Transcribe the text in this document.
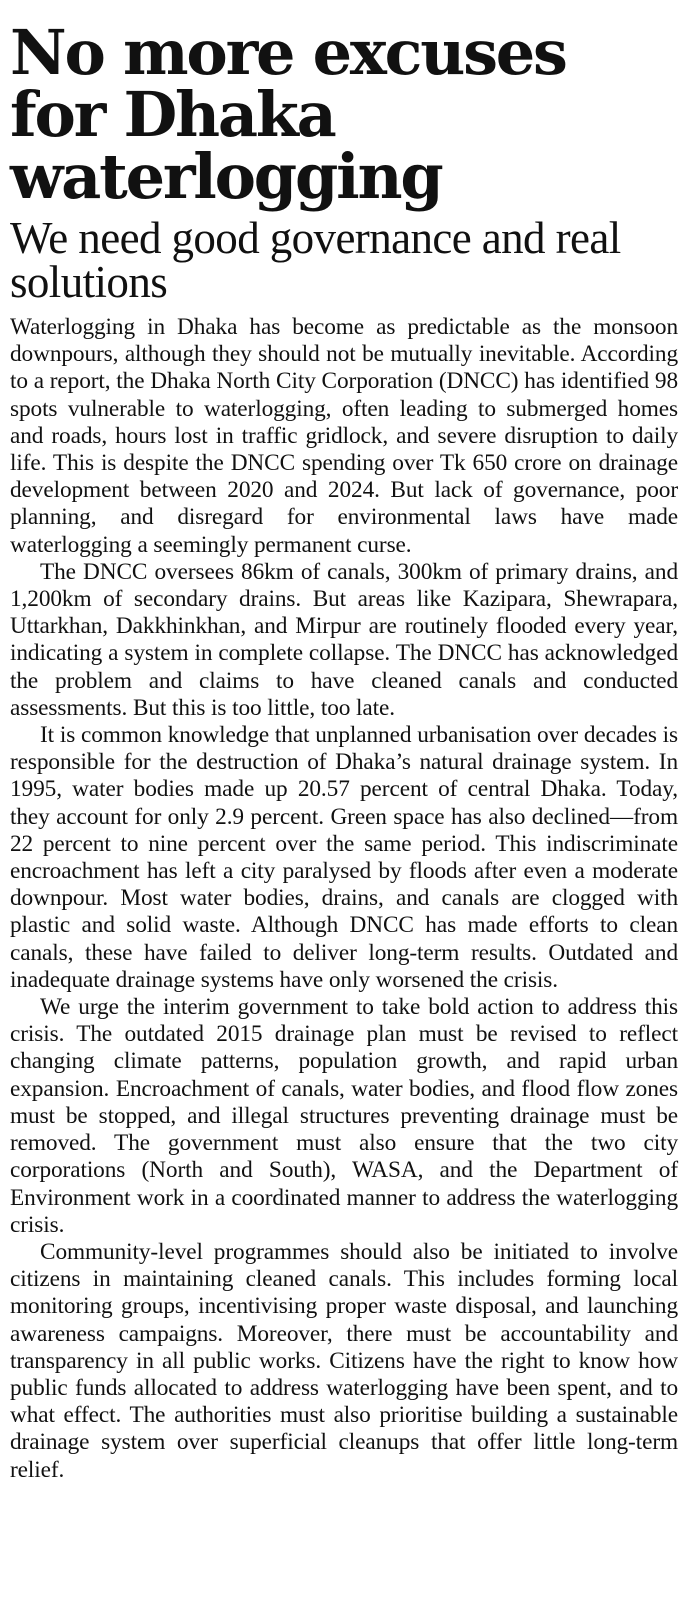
No more excuses for Dhaka waterlogging
We need good governance and real solutions

Waterlogging in Dhaka has become as predictable as the monsoon downpours, although they should not be mutually inevitable. According to a report, the Dhaka North City Corporation (DNCC) has identified 98 spots vulnerable to waterlogging, often leading to submerged homes and roads, hours lost in traffic gridlock, and severe disruption to daily life. This is despite the DNCC spending over Tk 650 crore on drainage development between 2020 and 2024. But lack of governance, poor planning, and disregard for environmental laws have made waterlogging a seemingly permanent curse.

The DNCC oversees 86km of canals, 300km of primary drains, and 1,200km of secondary drains. But areas like Kazipara, Shewrapara, Uttarkhan, Dakkhinkhan, and Mirpur are routinely flooded every year, indicating a system in complete collapse. The DNCC has acknowledged the problem and claims to have cleaned canals and conducted assessments. But this is too little, too late.

It is common knowledge that unplanned urbanisation over decades is responsible for the destruction of Dhaka’s natural drainage system. In 1995, water bodies made up 20.57 percent of central Dhaka. Today, they account for only 2.9 percent. Green space has also declined—from 22 percent to nine percent over the same period. This indiscriminate encroachment has left a city paralysed by floods after even a moderate downpour. Most water bodies, drains, and canals are clogged with plastic and solid waste. Although DNCC has made efforts to clean canals, these have failed to deliver long-term results. Outdated and inadequate drainage systems have only worsened the crisis.

We urge the interim government to take bold action to address this crisis. The outdated 2015 drainage plan must be revised to reflect changing climate patterns, population growth, and rapid urban expansion. Encroachment of canals, water bodies, and flood flow zones must be stopped, and illegal structures preventing drainage must be removed. The government must also ensure that the two city corporations (North and South), WASA, and the Department of Environment work in a coordinated manner to address the waterlogging crisis.

Community-level programmes should also be initiated to involve citizens in maintaining cleaned canals. This includes forming local monitoring groups, incentivising proper waste disposal, and launching awareness campaigns. Moreover, there must be accountability and transparency in all public works. Citizens have the right to know how public funds allocated to address waterlogging have been spent, and to what effect. The authorities must also prioritise building a sustainable drainage system over superficial cleanups that offer little long-term relief.
